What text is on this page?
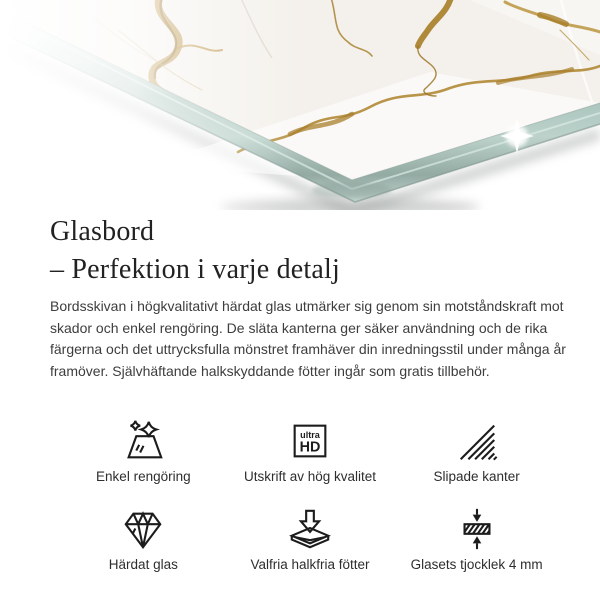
Glasbord
– Perfektion i varje detalj

Bordsskivan i högkvalitativt härdat glas utmärker sig genom sin motståndskraft mot skador och enkel rengöring. De släta kanterna ger säker användning och de rika färgerna och det uttrycksfulla mönstret framhäver din inredningsstil under många år framöver. Självhäftande halkskyddande fötter ingår som gratis tillbehör.

Enkel rengöring
ultra
HD
Utskrift av hög kvalitet	Slipade kanter
Härdat glas	Valfria halkfria fötter	Glasets tjocklek 4 mm
